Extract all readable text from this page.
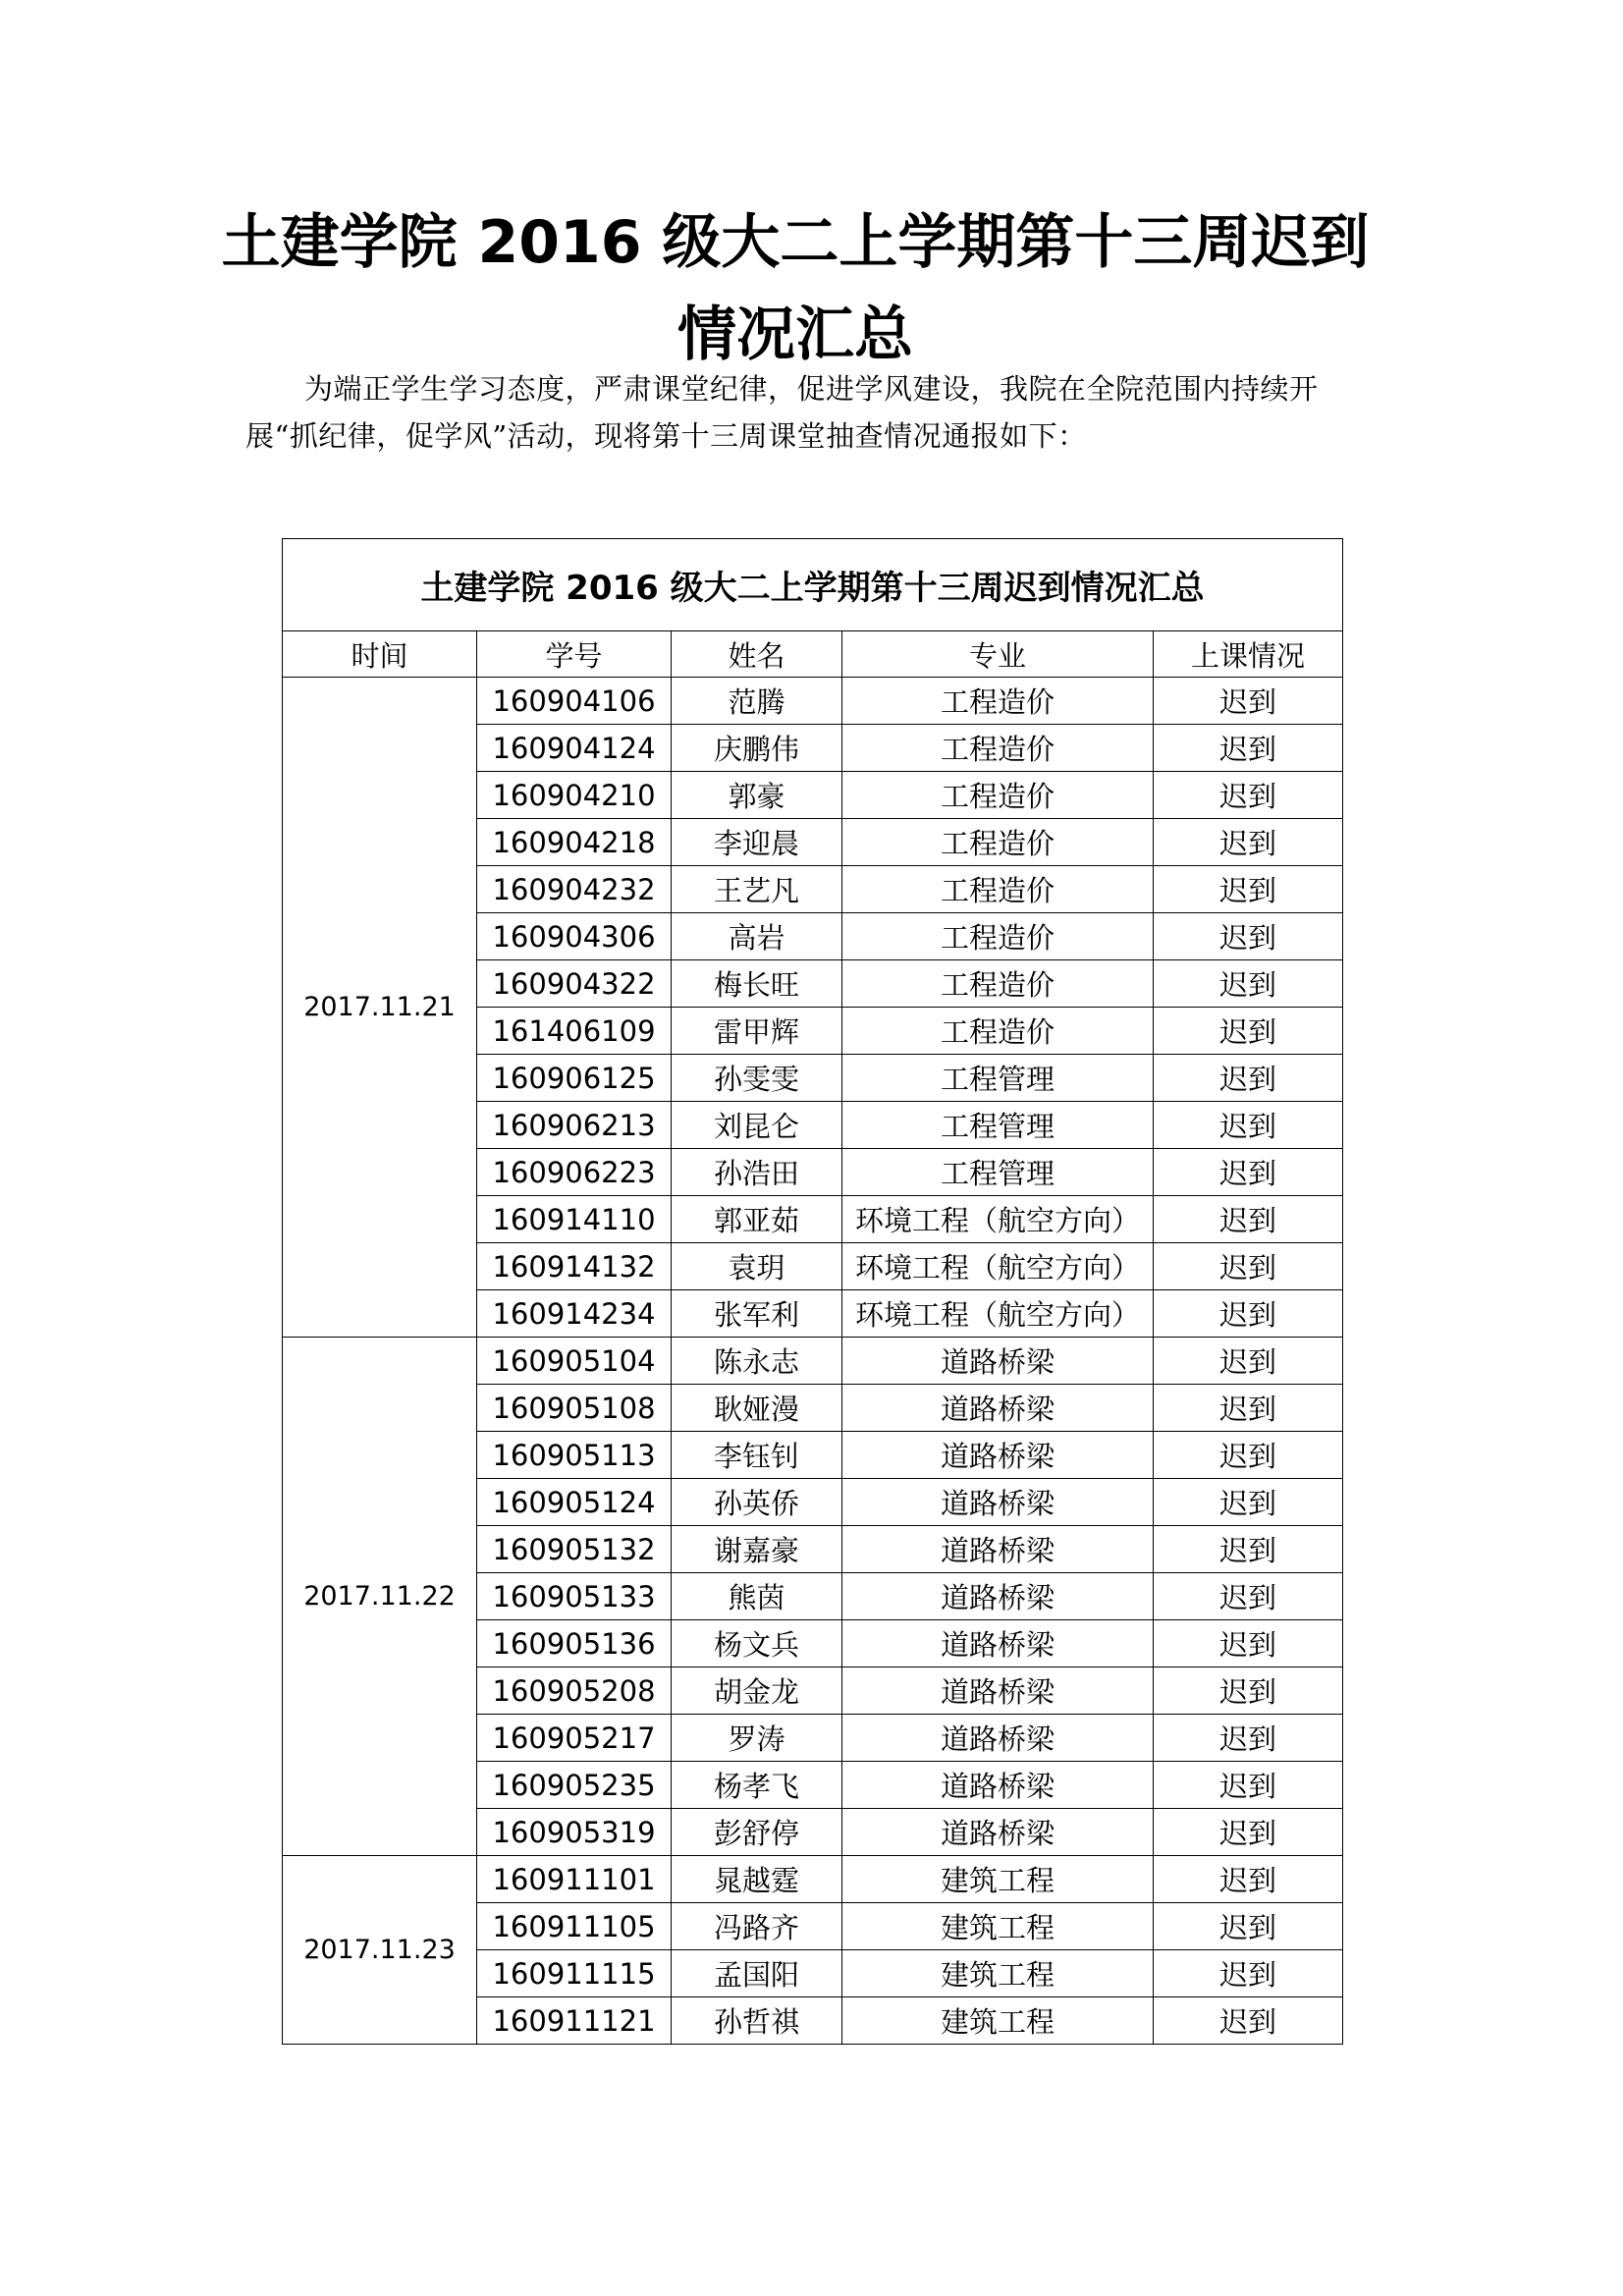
土建学院 2016 级大二上学期第十三周迟到情况汇总

为端正学生学习态度，严肃课堂纪律，促进学风建设，我院在全院范围内持续开展“抓纪律，促学风”活动，现将第十三周课堂抽查情况通报如下：

土建学院 2016 级大二上学期第十三周迟到情况汇总				
时间	学号	姓名	专业	上课情况
2017.11.21	160904106	范腾	工程造价	迟到
	160904124	庆鹏伟	工程造价	迟到
	160904210	郭豪	工程造价	迟到
	160904218	李迎晨	工程造价	迟到
	160904232	王艺凡	工程造价	迟到
	160904306	高岩	工程造价	迟到
	160904322	梅长旺	工程造价	迟到
	161406109	雷甲辉	工程造价	迟到
	160906125	孙雯雯	工程管理	迟到
	160906213	刘昆仑	工程管理	迟到
	160906223	孙浩田	工程管理	迟到
	160914110	郭亚茹	环境工程（航空方向）	迟到
	160914132	袁玥	环境工程（航空方向）	迟到
	160914234	张军利	环境工程（航空方向）	迟到
2017.11.22	160905104	陈永志	道路桥梁	迟到
	160905108	耿娅漫	道路桥梁	迟到
	160905113	李钰钊	道路桥梁	迟到
	160905124	孙英侨	道路桥梁	迟到
	160905132	谢嘉豪	道路桥梁	迟到
	160905133	熊茵	道路桥梁	迟到
	160905136	杨文兵	道路桥梁	迟到
	160905208	胡金龙	道路桥梁	迟到
	160905217	罗涛	道路桥梁	迟到
	160905235	杨孝飞	道路桥梁	迟到
	160905319	彭舒停	道路桥梁	迟到
2017.11.23	160911101	晁越霆	建筑工程	迟到
	160911105	冯路齐	建筑工程	迟到
	160911115	孟国阳	建筑工程	迟到
	160911121	孙哲祺	建筑工程	迟到
